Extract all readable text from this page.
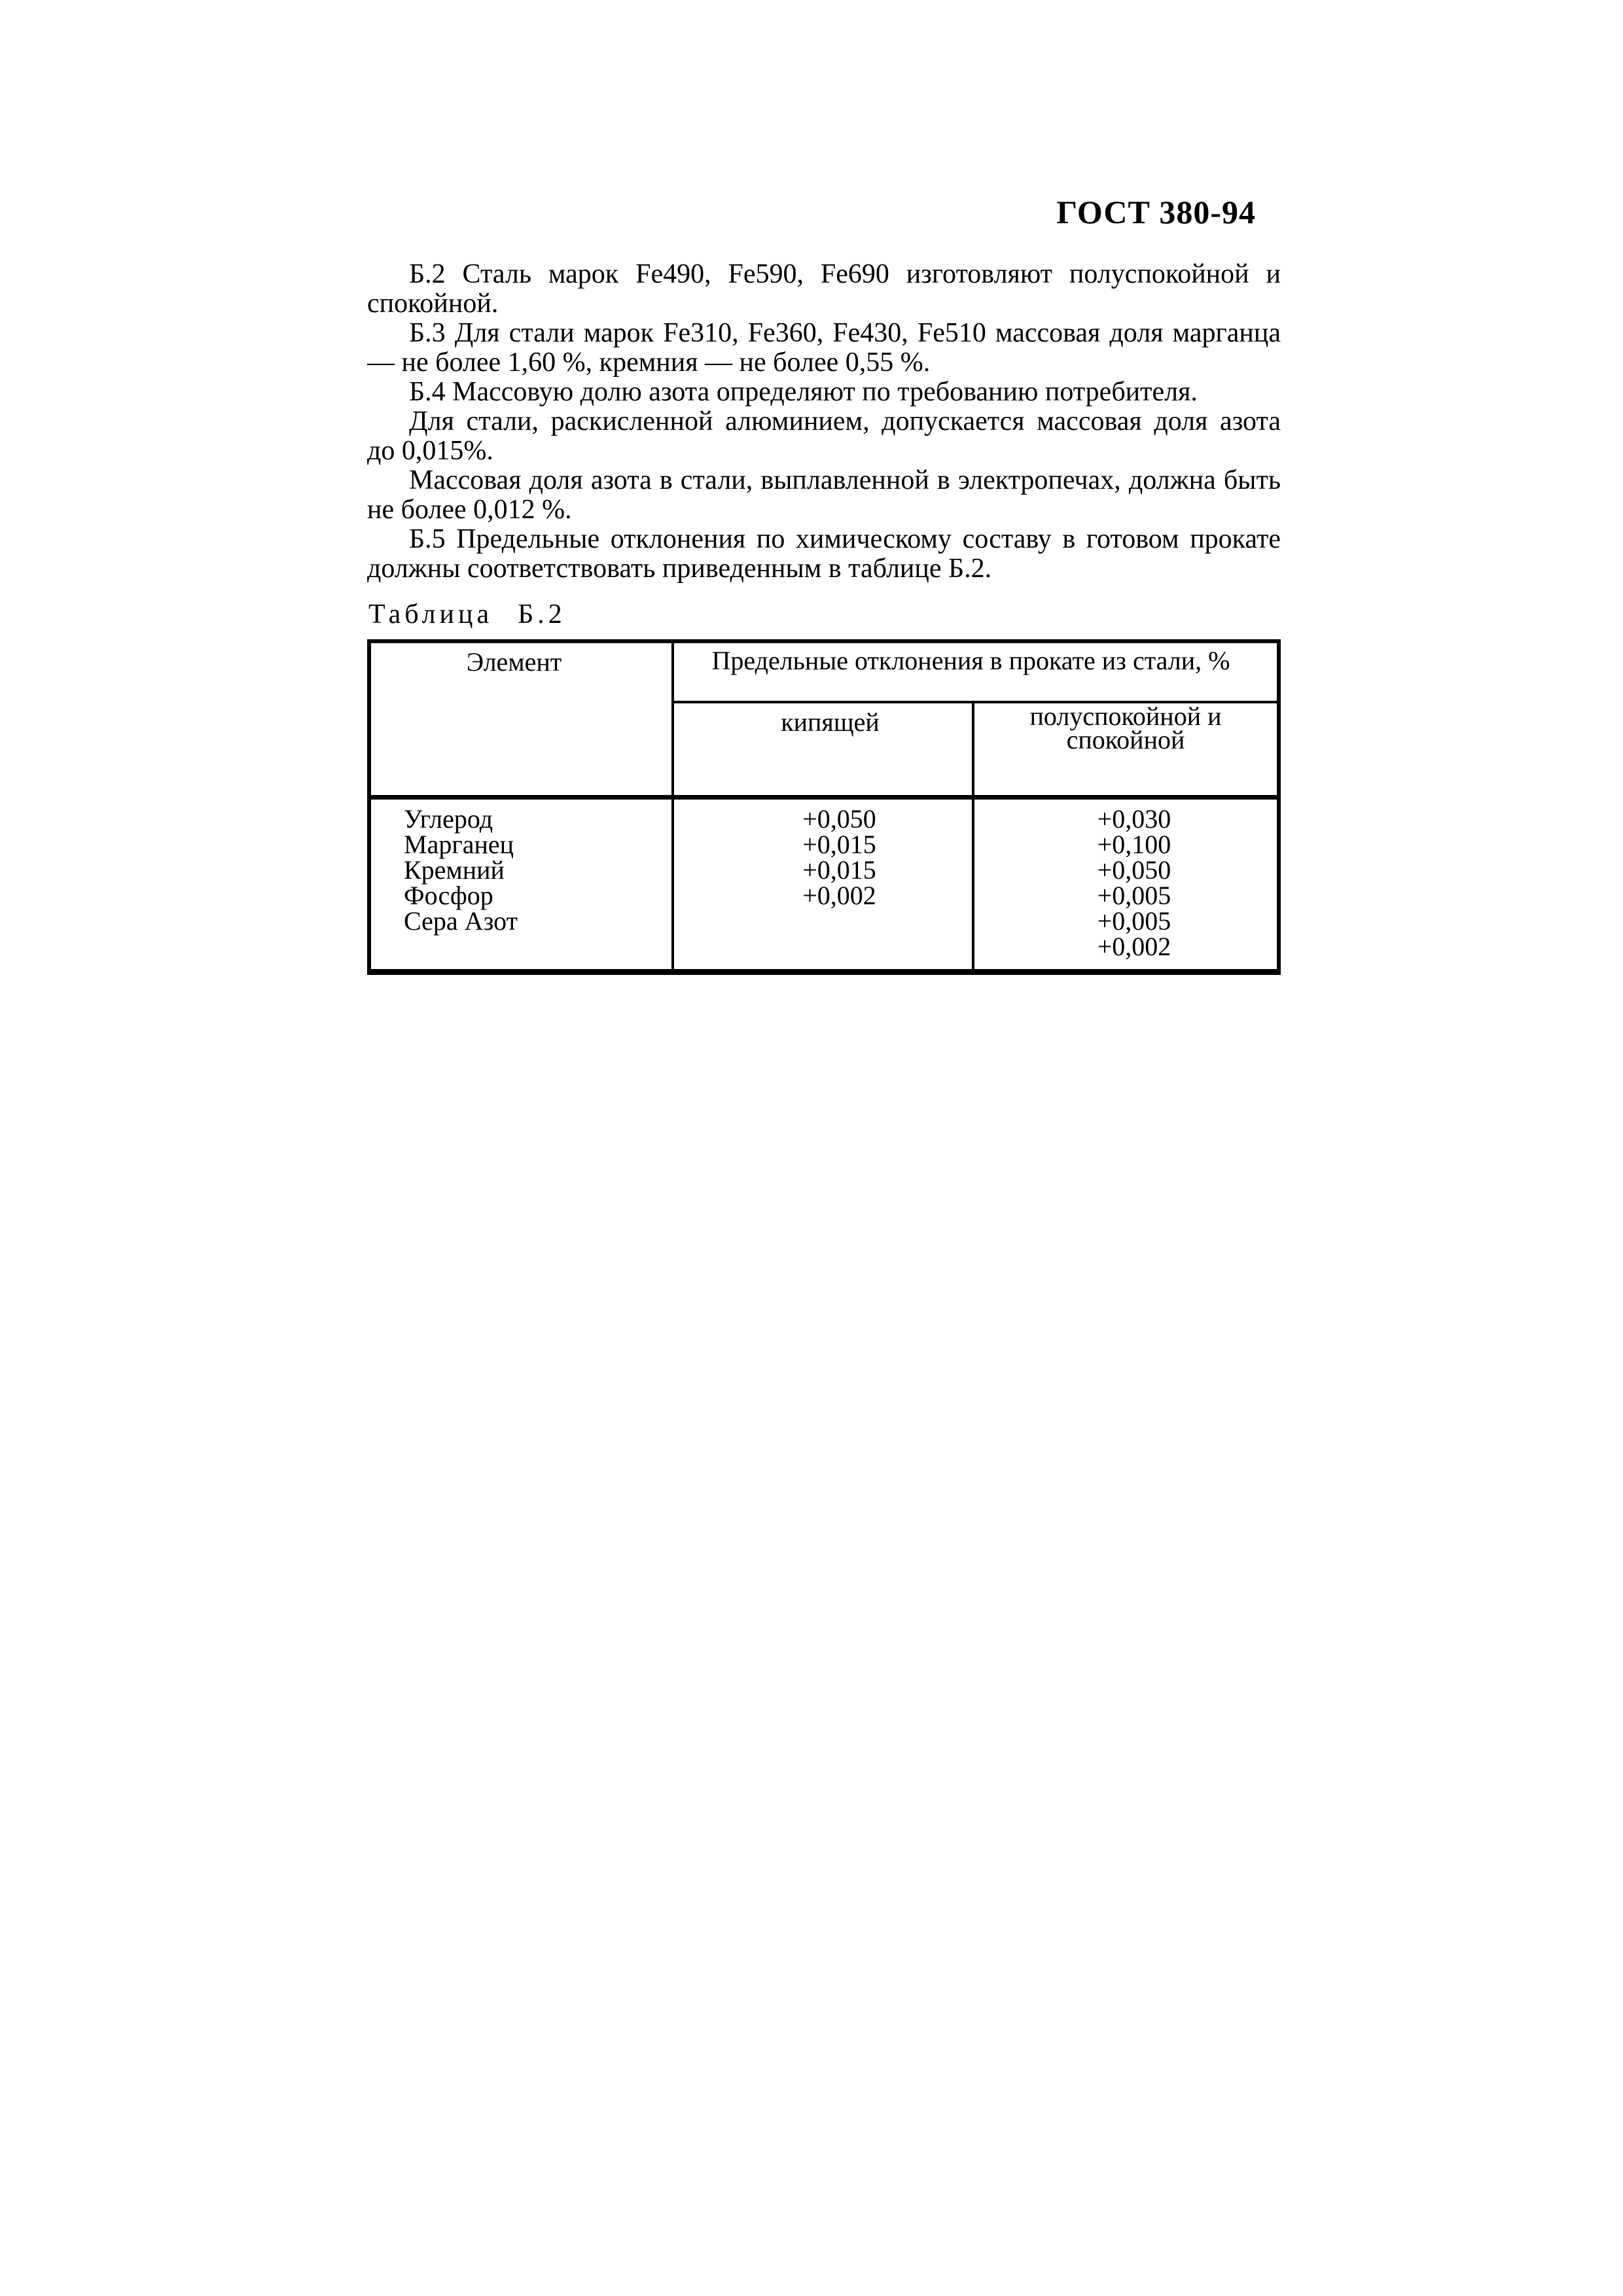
ГОСТ 380-94
Б.2 Сталь марок Fe490, Fe590, Fe690 изготовляют полуспокойной и
спокойной.
Б.3 Для стали марок Fe310, Fe360, Fe430, Fe510 массовая доля марганца
— не более 1,60 %, кремния — не более 0,55 %.
Б.4 Массовую долю азота определяют по требованию потребителя.
Для стали, раскисленной алюминием, допускается массовая доля азота
до 0,015%.
Массовая доля азота в стали, выплавленной в электропечах, должна быть
не более 0,012 %.
Б.5 Предельные отклонения по химическому составу в готовом прокате
должны соответствовать приведенным в таблице Б.2.
Таблица Б.2
Элемент	Предельные отклонения в прокате из стали, %
кипящей	полуспокойной и
спокойной
Углерод
Марганец
Кремний
Фосфор
Сера Азот
+0,050
+0,015
+0,015
+0,002
+0,030
+0,100
+0,050
+0,005
+0,005
+0,002
